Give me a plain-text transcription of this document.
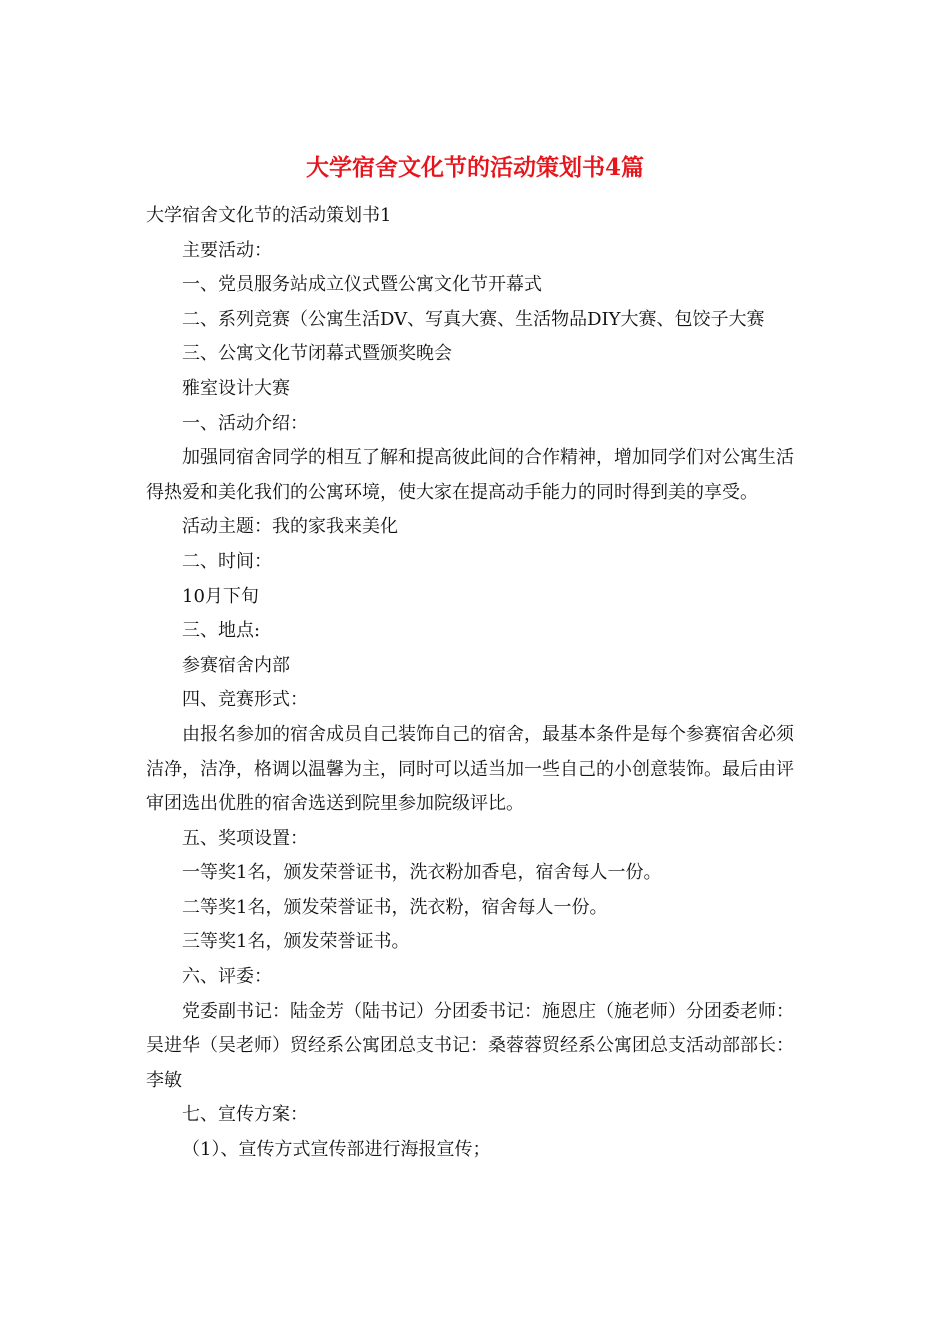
大学宿舍文化节的活动策划书4篇

大学宿舍文化节的活动策划书1

主要活动：

一、党员服务站成立仪式暨公寓文化节开幕式

二、系列竞赛（公寓生活DV、写真大赛、生活物品DIY大赛、包饺子大赛

三、公寓文化节闭幕式暨颁奖晚会

雅室设计大赛

一、活动介绍：

加强同宿舍同学的相互了解和提高彼此间的合作精神，增加同学们对公寓生活得热爱和美化我们的公寓环境，使大家在提高动手能力的同时得到美的享受。

活动主题：我的家我来美化

二、时间：

10月下旬

三、地点:

参赛宿舍内部

四、竞赛形式：

由报名参加的宿舍成员自己装饰自己的宿舍，最基本条件是每个参赛宿舍必须洁净，洁净，格调以温馨为主，同时可以适当加一些自己的小创意装饰。最后由评审团选出优胜的宿舍选送到院里参加院级评比。

五、奖项设置：

一等奖1名，颁发荣誉证书，洗衣粉加香皂，宿舍每人一份。

二等奖1名，颁发荣誉证书，洗衣粉，宿舍每人一份。

三等奖1名，颁发荣誉证书。

六、评委：

党委副书记：陆金芳（陆书记）分团委书记：施恩庄（施老师）分团委老师：吴进华（吴老师）贸经系公寓团总支书记：桑蓉蓉贸经系公寓团总支活动部部长：李敏

七、宣传方案：

（1）、宣传方式宣传部进行海报宣传；
